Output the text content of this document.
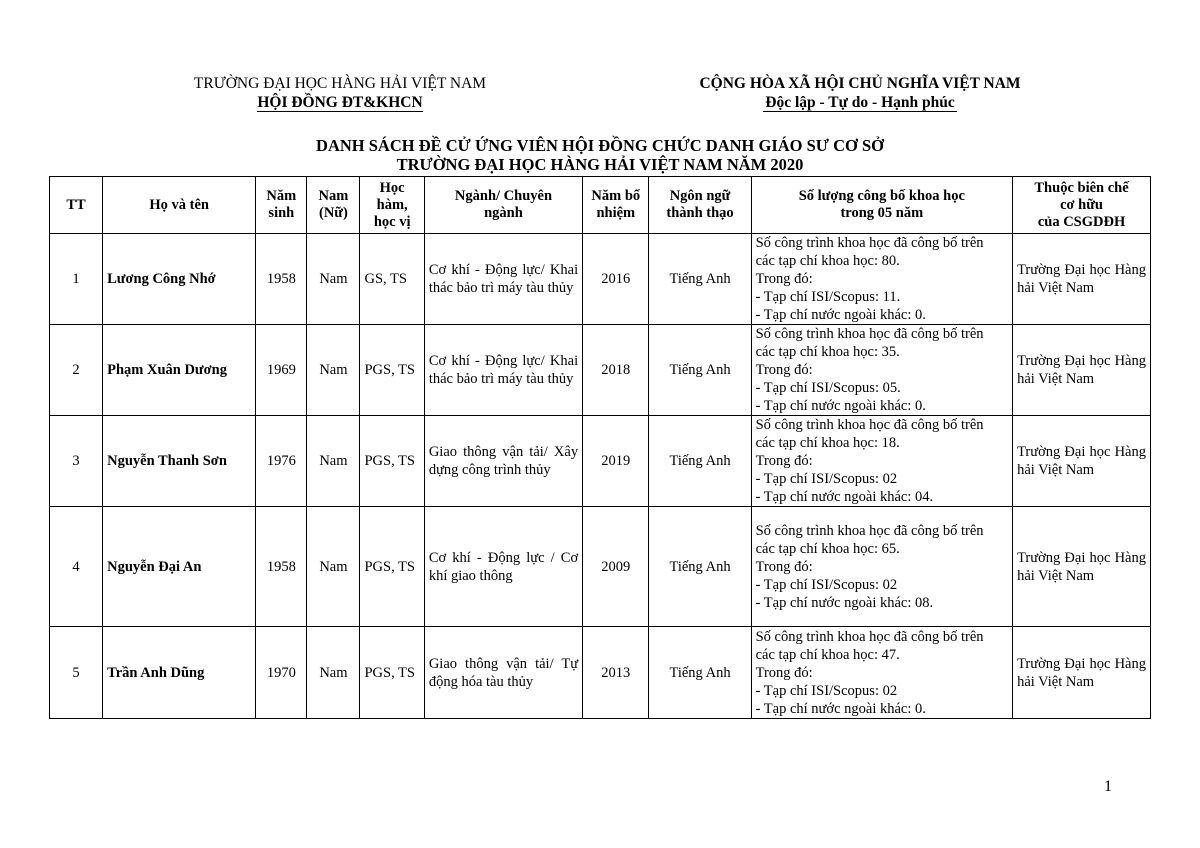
TRƯỜNG ĐẠI HỌC HÀNG HẢI VIỆT NAM
HỘI ĐỒNG ĐT&KHCN
CỘNG HÒA XÃ HỘI CHỦ NGHĨA VIỆT NAM
Độc lập - Tự do - Hạnh phúc
DANH SÁCH ĐỀ CỬ ỨNG VIÊN HỘI ĐỒNG CHỨC DANH GIÁO SƯ CƠ SỞ
TRƯỜNG ĐẠI HỌC HÀNG HẢI VIỆT NAM NĂM 2020
TT	Họ và tên	Năm
sinh	Nam
(Nữ)	Học
hàm,
học vị	Ngành/ Chuyên
ngành	Năm bổ
nhiệm	Ngôn ngữ
thành thạo	Số lượng công bố khoa học
trong 05 năm	Thuộc biên chế
cơ hữu
của CSGDĐH
1	Lương Công Nhớ	1958	Nam	GS, TS	Cơ khí - Động lực/ Khai thác bảo trì máy tàu thủy	2016	Tiếng Anh	Số công trình khoa học đã công bố trên
các tạp chí khoa học: 80.
Trong đó:
- Tạp chí ISI/Scopus: 11.
- Tạp chí nước ngoài khác: 0.	Trường Đại học Hàng hải Việt Nam
2	Phạm Xuân Dương	1969	Nam	PGS, TS	Cơ khí - Động lực/ Khai thác bảo trì máy tàu thủy	2018	Tiếng Anh	Số công trình khoa học đã công bố trên
các tạp chí khoa học: 35.
Trong đó:
- Tạp chí ISI/Scopus: 05.
- Tạp chí nước ngoài khác: 0.	Trường Đại học Hàng hải Việt Nam
3	Nguyễn Thanh Sơn	1976	Nam	PGS, TS	Giao thông vận tải/ Xây dựng công trình thủy	2019	Tiếng Anh	Số công trình khoa học đã công bố trên
các tạp chí khoa học: 18.
Trong đó:
- Tạp chí ISI/Scopus: 02
- Tạp chí nước ngoài khác: 04.	Trường Đại học Hàng hải Việt Nam
4	Nguyễn Đại An	1958	Nam	PGS, TS	Cơ khí - Động lực / Cơ khí giao thông	2009	Tiếng Anh	Số công trình khoa học đã công bố trên
các tạp chí khoa học: 65.
Trong đó:
- Tạp chí ISI/Scopus: 02
- Tạp chí nước ngoài khác: 08.	Trường Đại học Hàng hải Việt Nam
5	Trần Anh Dũng	1970	Nam	PGS, TS	Giao thông vận tải/ Tự động hóa tàu thủy	2013	Tiếng Anh	Số công trình khoa học đã công bố trên
các tạp chí khoa học: 47.
Trong đó:
- Tạp chí ISI/Scopus: 02
- Tạp chí nước ngoài khác: 0.	Trường Đại học Hàng hải Việt Nam
1
